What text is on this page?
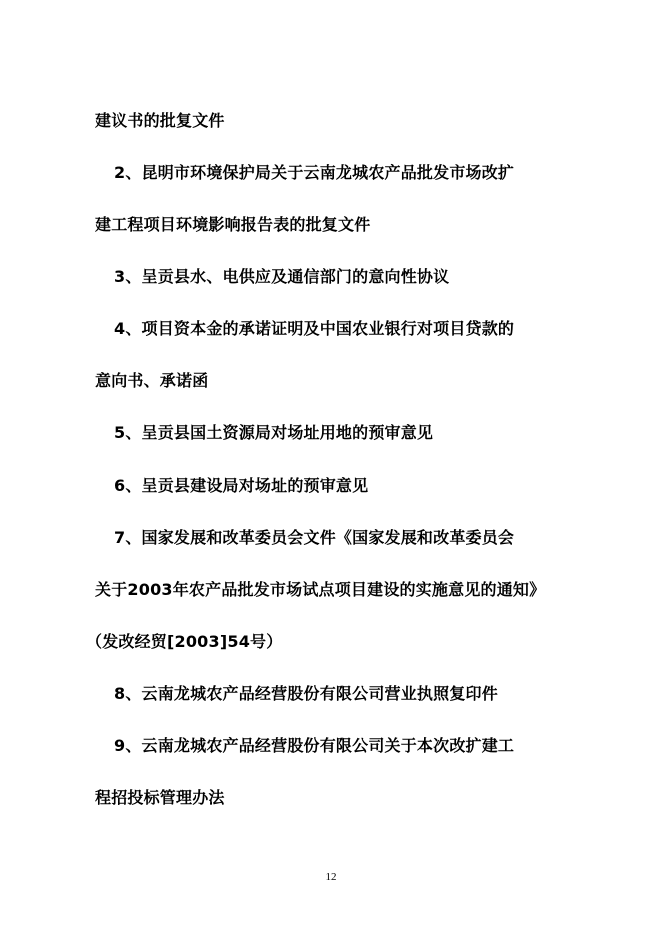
建议书的批复文件
2、昆明市环境保护局关于云南龙城农产品批发市场改扩
建工程项目环境影响报告表的批复文件
3、呈贡县水、电供应及通信部门的意向性协议
4、项目资本金的承诺证明及中国农业银行对项目贷款的
意向书、承诺函
5、呈贡县国土资源局对场址用地的预审意见
6、呈贡县建设局对场址的预审意见
7、国家发展和改革委员会文件《国家发展和改革委员会
关于2003年农产品批发市场试点项目建设的实施意见的通知》
（发改经贸[2003]54号）
8、云南龙城农产品经营股份有限公司营业执照复印件
9、云南龙城农产品经营股份有限公司关于本次改扩建工
程招投标管理办法
12
